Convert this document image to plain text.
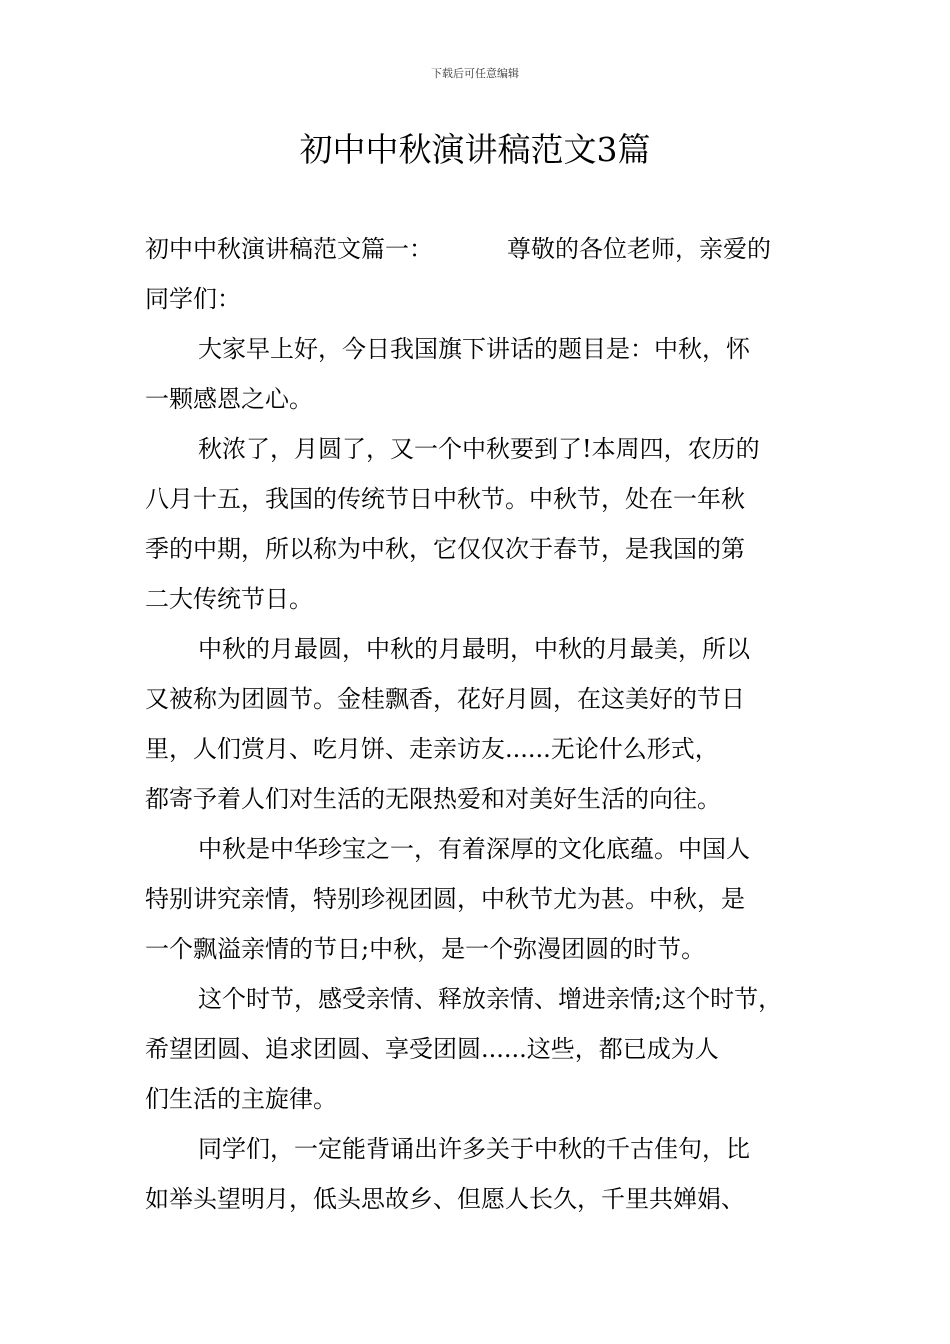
下载后可任意编辑
初中中秋演讲稿范文3篇

初中中秋演讲稿范文篇一：	尊敬的各位老师，亲爱的

同学们：

大家早上好，今日我国旗下讲话的题目是：中秋，怀

一颗感恩之心。

秋浓了，月圆了，又一个中秋要到了!本周四，农历的

八月十五，我国的传统节日中秋节。中秋节，处在一年秋

季的中期，所以称为中秋，它仅仅次于春节，是我国的第

二大传统节日。

中秋的月最圆，中秋的月最明，中秋的月最美，所以

又被称为团圆节。金桂飘香，花好月圆，在这美好的节日

里，人们赏月、吃月饼、走亲访友......无论什么形式，

都寄予着人们对生活的无限热爱和对美好生活的向往。

中秋是中华珍宝之一，有着深厚的文化底蕴。中国人

特别讲究亲情，特别珍视团圆，中秋节尤为甚。中秋，是

一个飘溢亲情的节日;中秋，是一个弥漫团圆的时节。

这个时节，感受亲情、释放亲情、增进亲情;这个时节，

希望团圆、追求团圆、享受团圆......这些，都已成为人

们生活的主旋律。

同学们，一定能背诵出许多关于中秋的千古佳句，比

如举头望明月，低头思故乡、但愿人长久，千里共婵娟、
